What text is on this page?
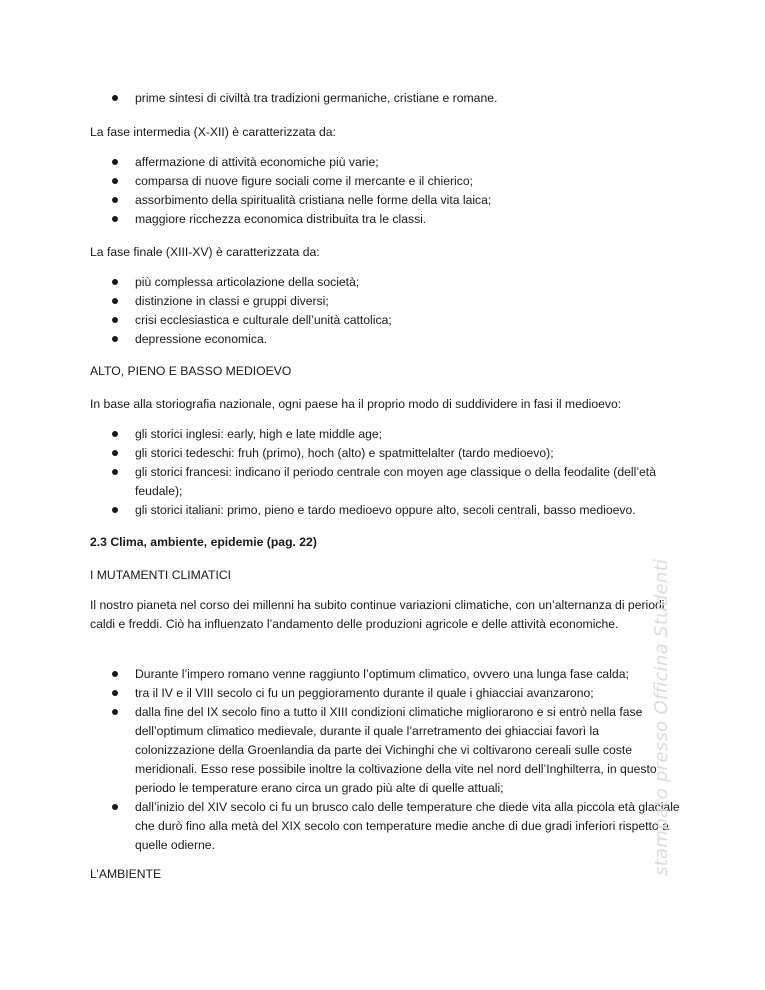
prime sintesi di civiltà tra tradizioni germaniche, cristiane e romane.

La fase intermedia (X-XII) è caratterizzata da:

affermazione di attività economiche più varie;
comparsa di nuove figure sociali come il mercante e il chierico;
assorbimento della spiritualità cristiana nelle forme della vita laica;
maggiore ricchezza economica distribuita tra le classi.

La fase finale (XIII-XV) è caratterizzata da:

più complessa articolazione della società;
distinzione in classi e gruppi diversi;
crisi ecclesiastica e culturale dell’unità cattolica;
depressione economica.

ALTO, PIENO E BASSO MEDIOEVO

In base alla storiografia nazionale, ogni paese ha il proprio modo di suddividere in fasi il medioevo:

gli storici inglesi: early, high e late middle age;
gli storici tedeschi: fruh (primo), hoch (alto) e spatmittelalter (tardo medioevo);
gli storici francesi: indicano il periodo centrale con moyen age classique o della feodalite (dell’età feudale);
gli storici italiani: primo, pieno e tardo medioevo oppure alto, secoli centrali, basso medioevo.

2.3 Clima, ambiente, epidemie (pag. 22)

I MUTAMENTI CLIMATICI

Il nostro pianeta nel corso dei millenni ha subito continue variazioni climatiche, con un’alternanza di periodi caldi e freddi. Ciò ha influenzato l’andamento delle produzioni agricole e delle attività economiche.

Durante l’impero romano venne raggiunto l’optimum climatico, ovvero una lunga fase calda;
tra il IV e il VIII secolo ci fu un peggioramento durante il quale i ghiacciai avanzarono;
dalla fine del IX secolo fino a tutto il XIII condizioni climatiche migliorarono e si entrò nella fase dell’optimum climatico medievale, durante il quale l’arretramento dei ghiacciai favorì la colonizzazione della Groenlandia da parte dei Vichinghi che vi coltivarono cereali sulle coste meridionali. Esso rese possibile inoltre la coltivazione della vite nel nord dell’Inghilterra, in questo periodo le temperature erano circa un grado più alte di quelle attuali;
dall’inizio del XIV secolo ci fu un brusco calo delle temperature che diede vita alla piccola età glaciale che durò fino alla metà del XIX secolo con temperature medie anche di due gradi inferiori rispetto a quelle odierne.

L’AMBIENTE	stampato presso Officina Studenti
